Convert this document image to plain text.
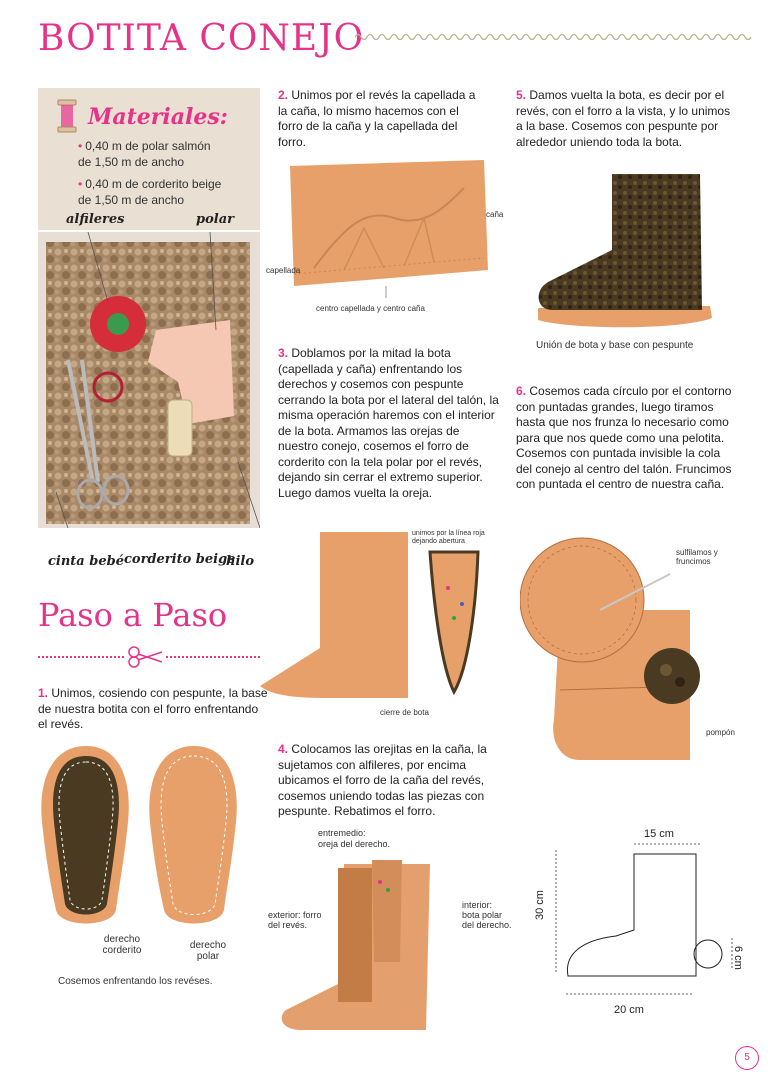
BOTITA CONEJO
Materiales:
• 0,40 m de polar salmón
de 1,50 m de ancho
• 0,40 m de corderito beige
de 1,50 m de ancho
alfileres	polar
cinta bebé corderito beige
hilo
Paso a Paso
1. Unimos, cosiendo con pespunte, la base de nuestra botita con el forro enfrentando el revés.
derecho
corderito	derecho
polar
Cosemos enfrentando los revéses.
2. Unimos por el revés la capellada a la caña, lo mismo hacemos con el forro de la caña y la capellada del forro.
caña
capellada
centro capellada y centro caña
3. Doblamos por la mitad la bota (capellada y caña) enfrentando los derechos y cosemos con pespunte cerrando la bota por el lateral del talón, la misma operación haremos con el interior de la bota. Armamos las orejas de nuestro conejo, cosemos el forro de corderito con la tela polar por el revés, dejando sin cerrar el extremo superior. Luego damos vuelta la oreja.
unimos por la línea roja
dejando abertura
cierre de bota
4. Colocamos las orejitas en la caña, la sujetamos con alfileres, por encima ubicamos el forro de la caña del revés, cosemos uniendo todas las piezas con pespunte. Rebatimos el forro.
entremedio:
oreja del derecho.
exterior: forro
del revés.
interior:
bota polar
del derecho.
5. Damos vuelta la bota, es decir por el revés, con el forro a la vista, y lo unimos a la base. Cosemos con pespunte por alrededor uniendo toda la bota.
Unión de bota y base con pespunte
6. Cosemos cada círculo por el contorno con puntadas grandes, luego tiramos hasta que nos frunza lo necesario como para que nos quede como una pelotita. Cosemos con puntada invisible la cola del conejo al centro del talón. Fruncimos con puntada el centro de nuestra caña.
sulfilamos y
fruncimos
pompón
15 cm
30 cm
20 cm
6 cm
5
